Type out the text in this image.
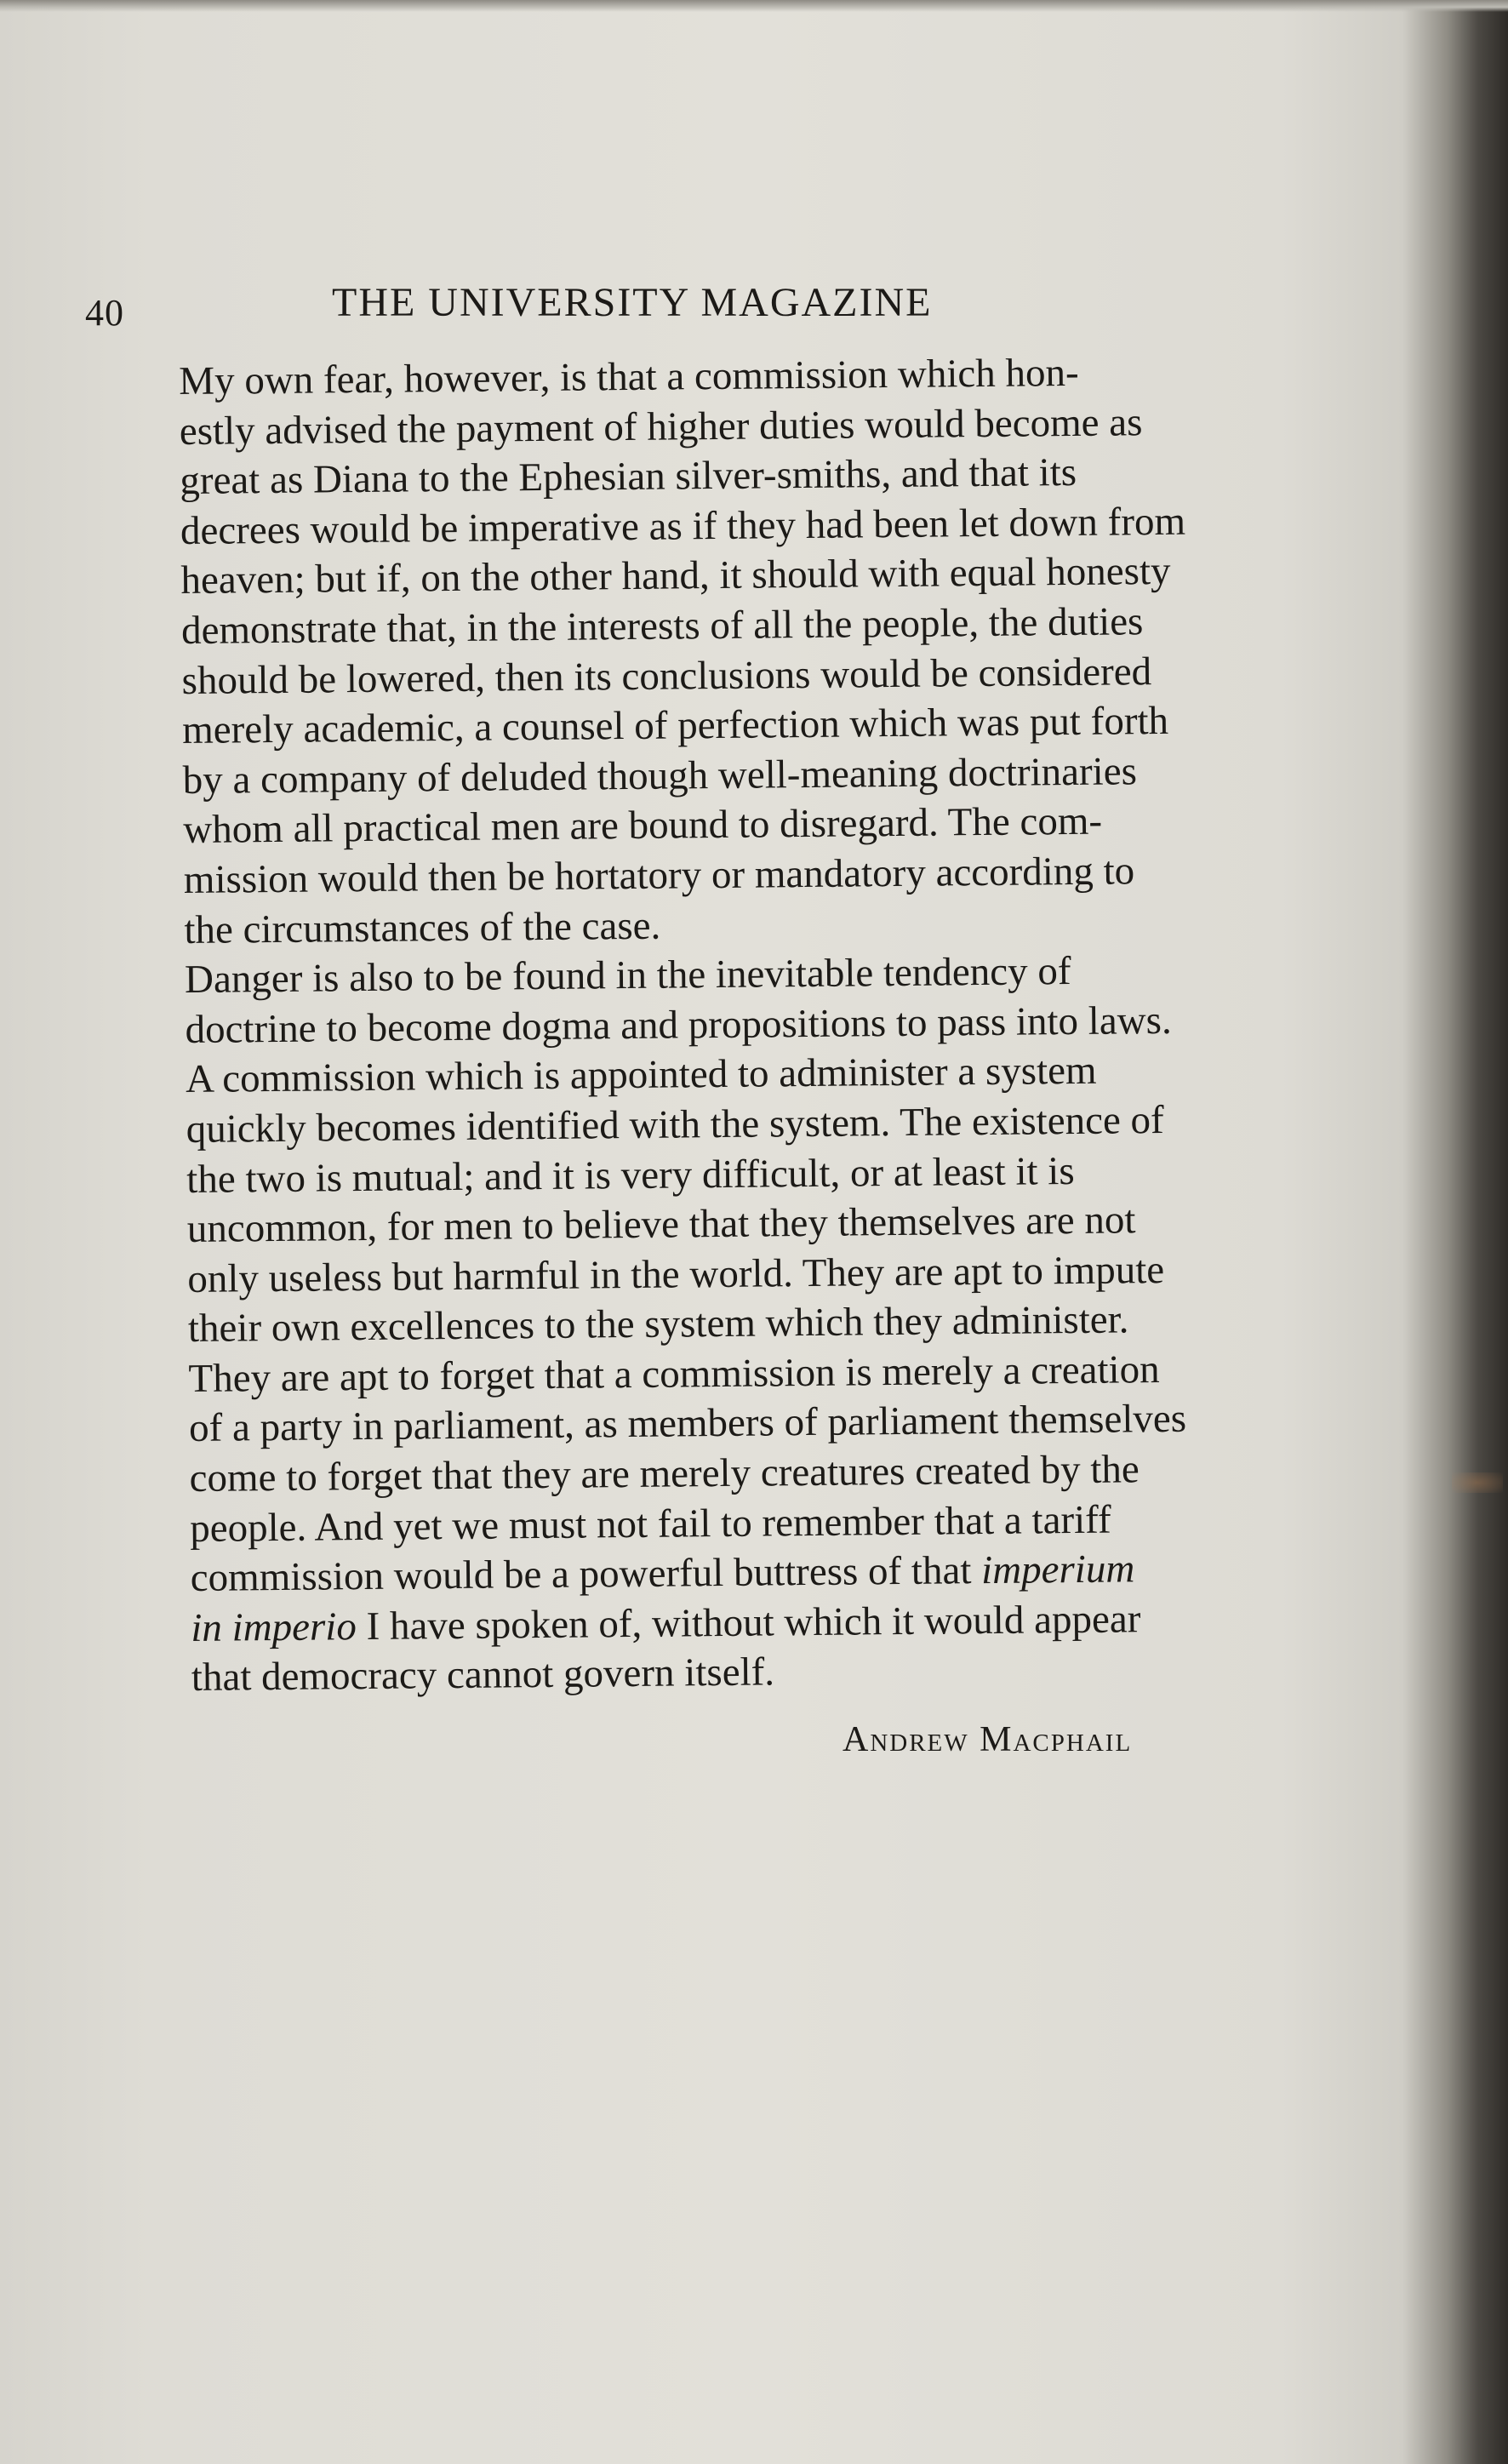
40	THE UNIVERSITY MAGAZINE

My own fear, however, is that a commission which hon-
estly advised the payment of higher duties would become as
great as Diana to the Ephesian silver-smiths, and that its
decrees would be imperative as if they had been let down from
heaven; but if, on the other hand, it should with equal honesty
demonstrate that, in the interests of all the people, the duties
should be lowered, then its conclusions would be considered
merely academic, a counsel of perfection which was put forth
by a company of deluded though well-meaning doctrinaries
whom all practical men are bound to disregard. The com-
mission would then be hortatory or mandatory according to
the circumstances of the case.

Danger is also to be found in the inevitable tendency of
doctrine to become dogma and propositions to pass into laws.
A commission which is appointed to administer a system
quickly becomes identified with the system. The existence of
the two is mutual; and it is very difficult, or at least it is
uncommon, for men to believe that they themselves are not
only useless but harmful in the world. They are apt to impute
their own excellences to the system which they administer.
They are apt to forget that a commission is merely a creation
of a party in parliament, as members of parliament themselves
come to forget that they are merely creatures created by the
people. And yet we must not fail to remember that a tariff
commission would be a powerful buttress of that imperium
in imperio I have spoken of, without which it would appear
that democracy cannot govern itself.

Andrew Macphail
